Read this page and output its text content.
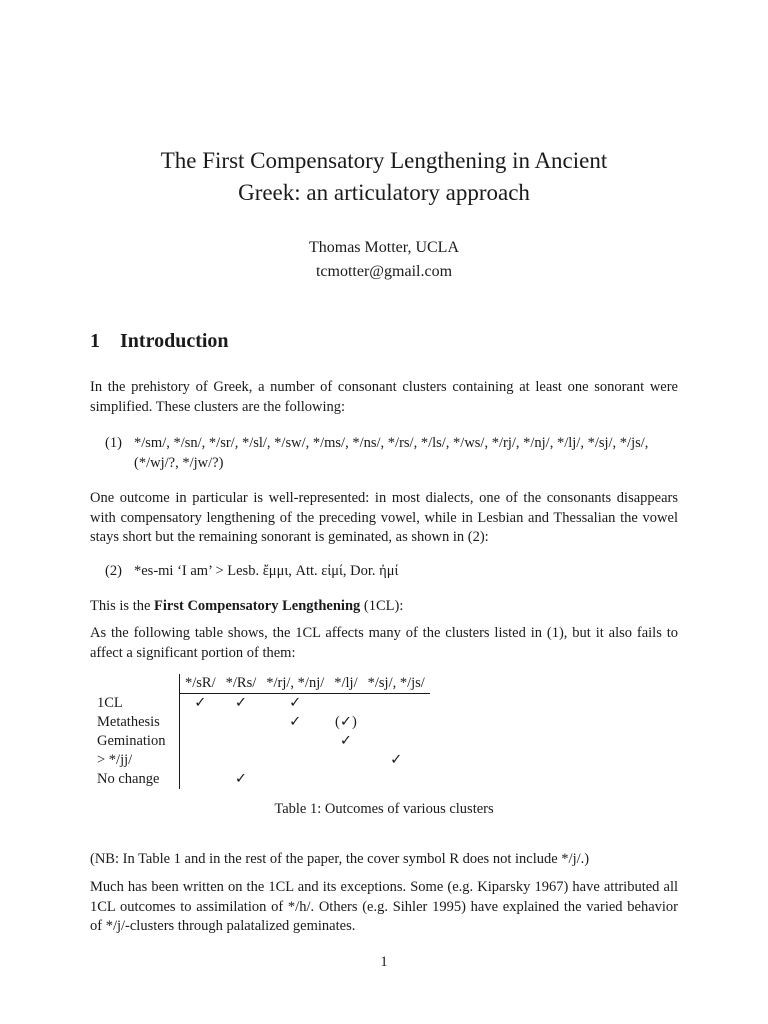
The First Compensatory Lengthening in Ancient
Greek: an articulatory approach
Thomas Motter, UCLA
tcmotter@gmail.com
1 Introduction
In the prehistory of Greek, a number of consonant clusters containing at least one sonorant were simplified. These clusters are the following:
(1) */sm/, */sn/, */sr/, */sl/, */sw/, */ms/, */ns/, */rs/, */ls/, */ws/, */rj/, */nj/, */lj/, */sj/, */js/, (*/wj/?, */jw/?)
One outcome in particular is well-represented: in most dialects, one of the consonants disappears with compensatory lengthening of the preceding vowel, while in Lesbian and Thessalian the vowel stays short but the remaining sonorant is geminated, as shown in (2):
(2) *es-mi ‘I am’ > Lesb. ἔμμι, Att. εἰμί, Dor. ἠμί
This is the First Compensatory Lengthening (1CL):
As the following table shows, the 1CL affects many of the clusters listed in (1), but it also fails to affect a significant portion of them:
	*/sR/	*/Rs/	*/rj/, */nj/	*/lj/	*/sj/, */js/
1CL	✓	✓	✓		
Metathesis			✓	(✓)	
Gemination				✓	
> */jj/					✓
No change		✓			
Table 1: Outcomes of various clusters
(NB: In Table 1 and in the rest of the paper, the cover symbol R does not include */j/.)
Much has been written on the 1CL and its exceptions. Some (e.g. Kiparsky 1967) have attributed all 1CL outcomes to assimilation of */h/. Others (e.g. Sihler 1995) have explained the varied behavior of */j/-clusters through palatalized geminates.
1
